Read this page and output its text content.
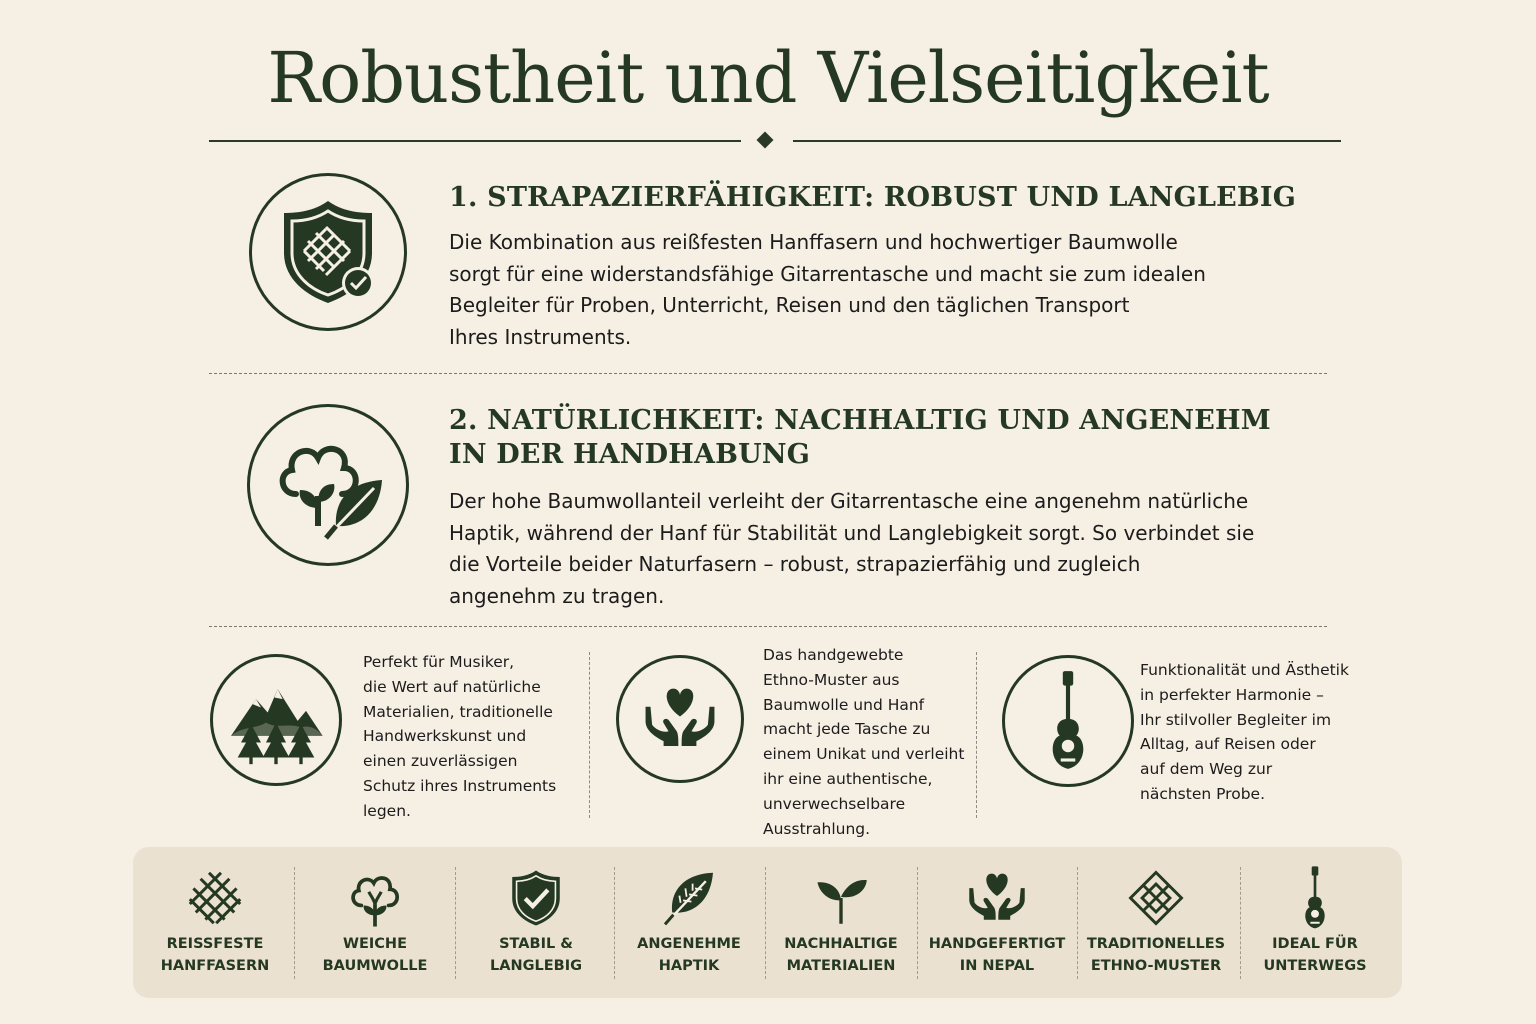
Robustheit und Vielseitigkeit
1. STRAPAZIERFÄHIGKEIT: ROBUST UND LANGLEBIG
Die Kombination aus reißfesten Hanffasern und hochwertiger Baumwolle
sorgt für eine widerstandsfähige Gitarrentasche und macht sie zum idealen
Begleiter für Proben, Unterricht, Reisen und den täglichen Transport
Ihres Instruments.
2. NATÜRLICHKEIT: NACHHALTIG UND ANGENEHM
IN DER HANDHABUNG
Der hohe Baumwollanteil verleiht der Gitarrentasche eine angenehm natürliche
Haptik, während der Hanf für Stabilität und Langlebigkeit sorgt. So verbindet sie
die Vorteile beider Naturfasern – robust, strapazierfähig und zugleich
angenehm zu tragen.
Perfekt für Musiker,
die Wert auf natürliche
Materialien, traditionelle
Handwerkskunst und
einen zuverlässigen
Schutz ihres Instruments
legen.
Das handgewebte
Ethno-Muster aus
Baumwolle und Hanf
macht jede Tasche zu
einem Unikat und verleiht
ihr eine authentische,
unverwechselbare
Ausstrahlung.
Funktionalität und Ästhetik
in perfekter Harmonie –
Ihr stilvoller Begleiter im
Alltag, auf Reisen oder
auf dem Weg zur
nächsten Probe.
REISSFESTE
HANFFASERN
WEICHE
BAUMWOLLE
STABIL &
LANGLEBIG
ANGENEHME
HAPTIK
NACHHALTIGE
MATERIALIEN
HANDGEFERTIGT
IN NEPAL
TRADITIONELLES
ETHNO-MUSTER
IDEAL FÜR
UNTERWEGS
